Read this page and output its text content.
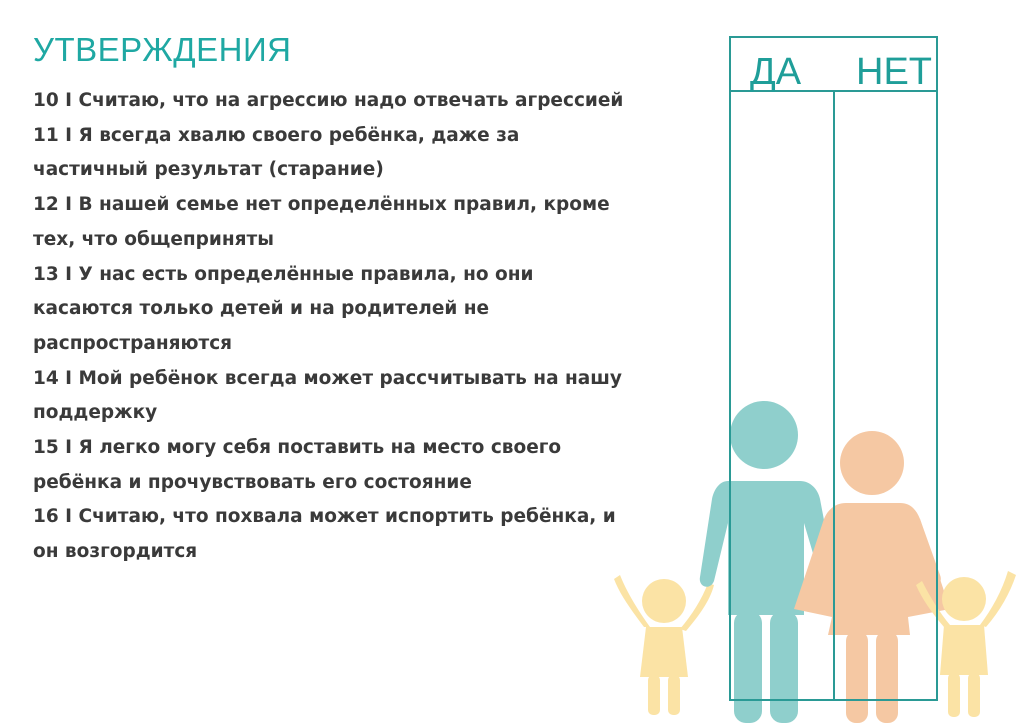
УТВЕРЖДЕНИЯ
10 I Считаю, что на агрессию надо отвечать агрессией
11 I Я всегда хвалю своего ребёнка, даже за частичный результат (старание)
12 I В нашей семье нет определённых правил, кроме тех, что общеприняты
13 I У нас есть определённые правила, но они касаются только детей и на родителей не распространяются
14 I Мой ребёнок всегда может рассчитывать на нашу поддержку
15 I Я легко могу себя поставить на место своего ребёнка и прочувствовать его состояние
16 I Считаю, что похвала может испортить ребёнка, и он возгордится
ДА НЕТ
